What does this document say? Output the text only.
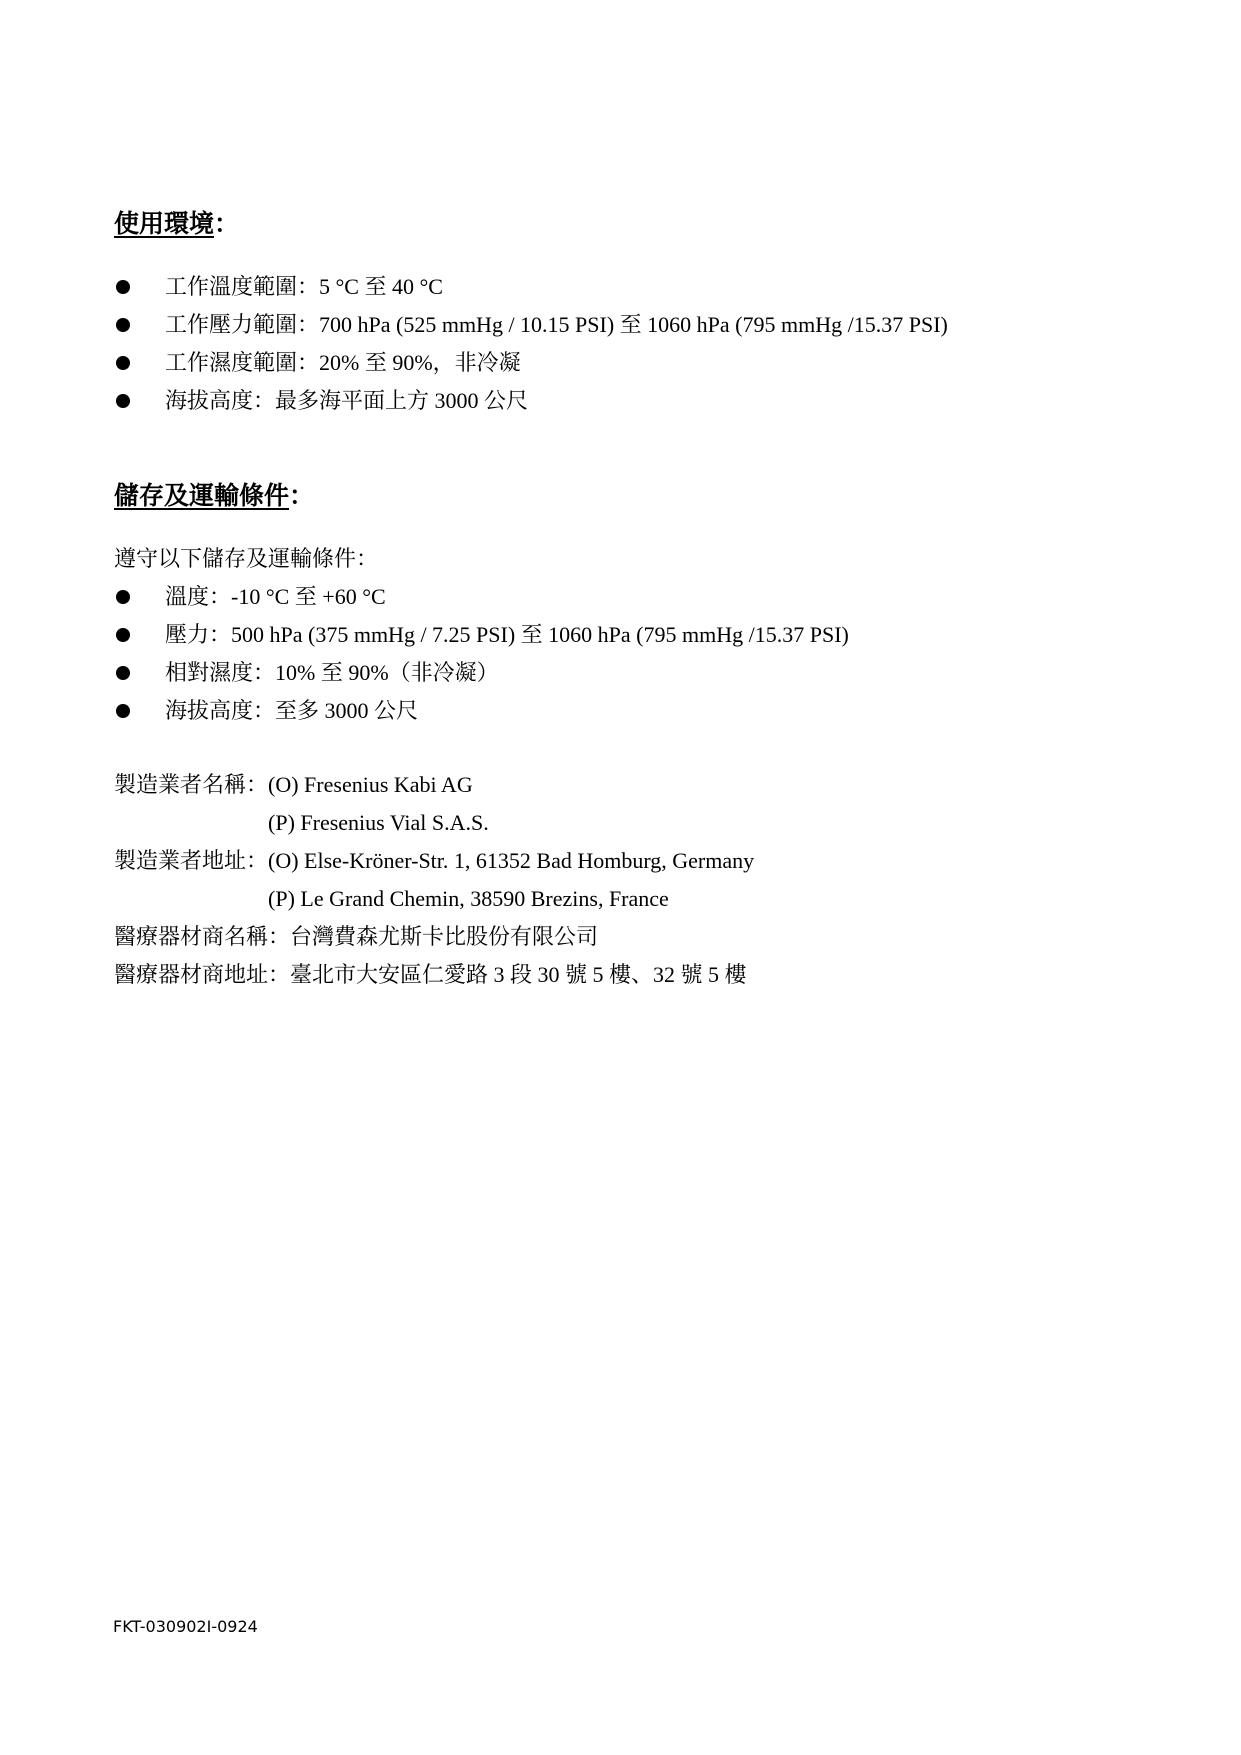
使用環境：
工作溫度範圍：5 °C 至 40 °C
工作壓力範圍：700 hPa (525 mmHg / 10.15 PSI) 至 1060 hPa (795 mmHg /15.37 PSI)
工作濕度範圍：20% 至 90%，非冷凝
海拔高度：最多海平面上方 3000 公尺
儲存及運輸條件：
遵守以下儲存及運輸條件：
溫度：-10 °C 至 +60 °C
壓力：500 hPa (375 mmHg / 7.25 PSI) 至 1060 hPa (795 mmHg /15.37 PSI)
相對濕度：10% 至 90%（非冷凝）
海拔高度：至多 3000 公尺
製造業者名稱： (O) Fresenius Kabi AG
(P) Fresenius Vial S.A.S.
製造業者地址： (O) Else-Kröner-Str. 1, 61352 Bad Homburg, Germany
(P) Le Grand Chemin, 38590 Brezins, France
醫療器材商名稱：台灣費森尤斯卡比股份有限公司
醫療器材商地址：臺北市大安區仁愛路 3 段 30 號 5 樓、32 號 5 樓
FKT-030902I-0924
